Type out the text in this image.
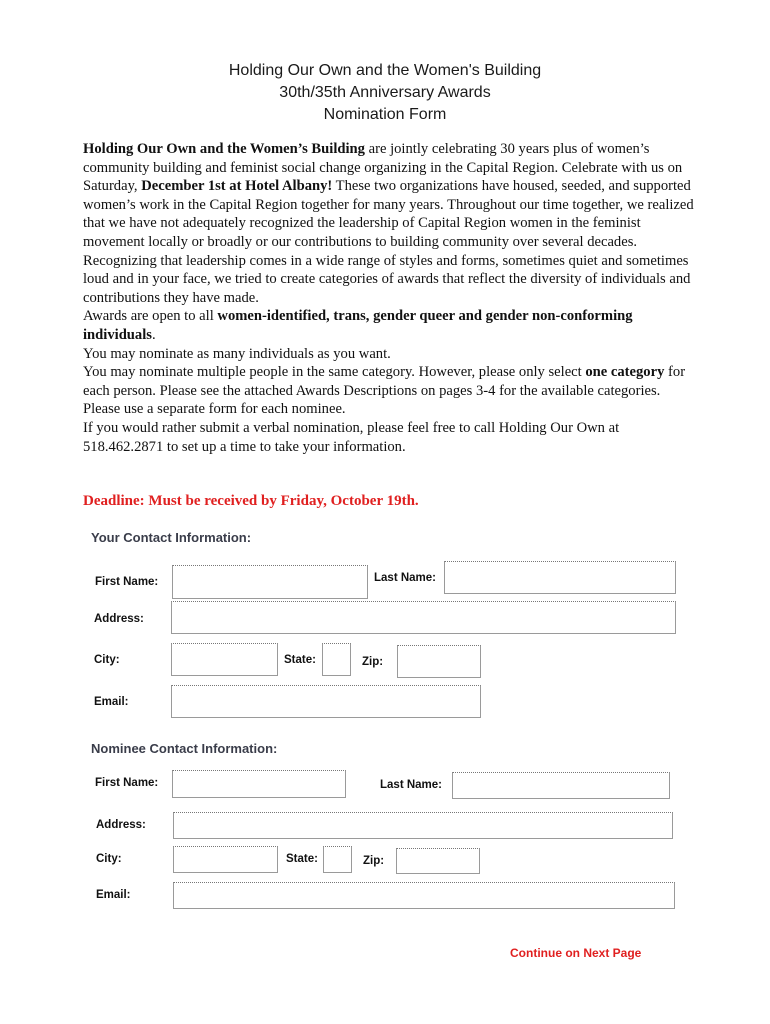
Holding Our Own and the Women's Building
30th/35th Anniversary Awards
Nomination Form

Holding Our Own and the Women’s Building are jointly celebrating 30 years plus of women’s community building and feminist social change organizing in the Capital Region. Celebrate with us on Saturday, December 1st at Hotel Albany! These two organizations have housed, seeded, and supported women’s work in the Capital Region together for many years. Throughout our time together, we realized that we have not adequately recognized the leadership of Capital Region women in the feminist movement locally or broadly or our contributions to building community over several decades. Recognizing that leadership comes in a wide range of styles and forms, sometimes quiet and sometimes loud and in your face, we tried to create categories of awards that reflect the diversity of individuals and contributions they have made.

Awards are open to all women-identified, trans, gender queer and gender non-conforming individuals.

You may nominate as many individuals as you want.

You may nominate multiple people in the same category. However, please only select one category for each person. Please see the attached Awards Descriptions on pages 3-4 for the available categories.

Please use a separate form for each nominee.

If you would rather submit a verbal nomination, please feel free to call Holding Our Own at 518.462.2871 to set up a time to take your information.

Deadline: Must be received by Friday, October 19th.
Your Contact Information:
First Name:	Last Name:
Address:
City:	State:	Zip:
Email:
Nominee Contact Information:
First Name:	Last Name:
Address:
City:	State:	Zip:
Email:
Continue on Next Page
